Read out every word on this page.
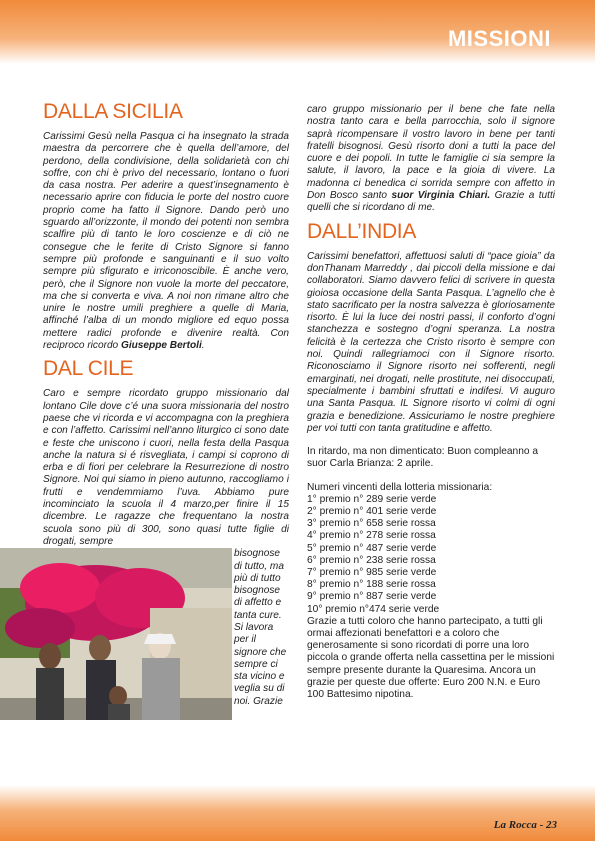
MISSIONI
DALLA SICILIA

Carissimi Gesù nella Pasqua ci ha insegnato la strada maestra da percorrere che è quella dell’amore, del perdono, della condivisione, della solidarietà con chi soffre, con chi è privo del necessario, lontano o fuori da casa nostra. Per aderire a quest’insegnamento è necessario aprire con fiducia le porte del nostro cuore proprio come ha fatto il Signore. Dando però uno sguardo all’orizzonte, il mondo dei potenti non sembra scalfire più di tanto le loro coscienze e di ciò ne consegue che le ferite di Cristo Signore si fanno sempre più profonde e sanguinanti e il suo volto sempre più sfigurato e irriconoscibile. È anche vero, però, che il Signore non vuole la morte del peccatore, ma che si converta e viva. A noi non rimane altro che unire le nostre umili preghiere a quelle di Maria, affinché l’alba di un mondo migliore ed equo possa mettere radici profonde e divenire realtà. Con reciproco ricordo Giuseppe Bertoli.

DAL CILE

Caro e sempre ricordato gruppo missionario dal lontano Cile dove c’é una suora missionaria del nostro paese che vi ricorda e vi accompagna con la preghiera e con l’affetto. Carissimi nell’anno liturgico ci sono date e feste che uniscono i cuori, nella festa della Pasqua anche la natura si é risvegliata, i campi si coprono di erba e di fiori per celebrare la Resurrezione di nostro Signore. Noi qui siamo in pieno autunno, raccogliamo i frutti e vendemmiamo l’uva. Abbiamo pure incominciato la scuola il 4 marzo,per finire il 15 dicembre. Le ragazze che frequentano la nostra scuola sono più di 300, sono quasi tutte figlie di drogati, sempre

bisognose di tutto, ma più di tutto bisognose di affetto e tanta cure. Si lavora per il signore che sempre ci sta vicino e veglia su di noi. Grazie

caro gruppo missionario per il bene che fate nella nostra tanto cara e bella parrocchia, solo il signore saprà ricompensare il vostro lavoro in bene per tanti fratelli bisognosi. Gesù risorto doni a tutti la pace del cuore e dei popoli. In tutte le famiglie ci sia sempre la salute, il lavoro, la pace e la gioia di vivere. La madonna ci benedica ci sorrida sempre con affetto in Don Bosco santo suor Virginia Chiari. Grazie a tutti quelli che si ricordano di me.

DALL’INDIA

Carissimi benefattori, affettuosi saluti di “pace gioia” da donThanam Marreddy , dai piccoli della missione e dai collaboratori. Siamo davvero felici di scrivere in questa gioiosa occasione della Santa Pasqua. L’agnello che è stato sacrificato per la nostra salvezza è gloriosamente risorto. È lui la luce dei nostri passi, il conforto d’ogni stanchezza e sostegno d’ogni speranza. La nostra felicità è la certezza che Cristo risorto è sempre con noi. Quindi rallegriamoci con il Signore risorto. Riconosciamo il Signore risorto nei sofferenti, negli emarginati, nei drogati, nelle prostitute, nei disoccupati, specialmente i bambini sfruttati e indifesi. Vi auguro una Santa Pasqua. IL Signore risorto vi colmi di ogni grazia e benedizione. Assicuriamo le nostre preghiere per voi tutti con tanta gratitudine e affetto.

In ritardo, ma non dimenticato: Buon compleanno a suor Carla Brianza: 2 aprile.

Numeri vincenti della lotteria missionaria:

1° premio n° 289 serie verde
2° premio n° 401 serie verde
3° premio n° 658 serie rossa
4° premio n° 278 serie rossa
5° premio n° 487 serie verde
6° premio n° 238 serie rossa
7° premio n° 985 serie verde
8° premio n° 188 serie rossa
9° premio n° 887 serie verde
10° premio n°474 serie verde

Grazie a tutti coloro che hanno partecipato, a tutti gli ormai affezionati benefattori e a coloro che generosamente si sono ricordati di porre una loro piccola o grande offerta nella cassettina per le missioni sempre presente durante la Quaresima. Ancora un grazie per queste due offerte: Euro 200 N.N. e Euro 100 Battesimo nipotina.

La Rocca - 23
